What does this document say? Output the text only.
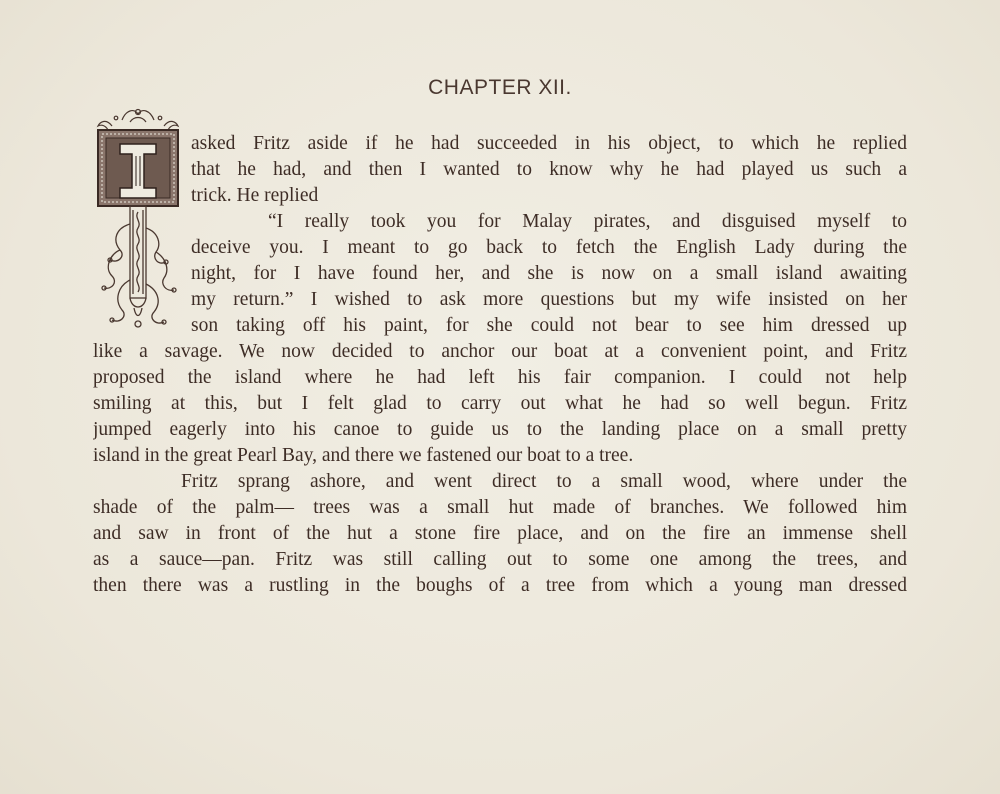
CHAPTER XII.
asked Fritz aside if he had succeeded in his object, to which he replied
that he had, and then I wanted to know why he had played us such a
trick. He replied
“I really took you for Malay pirates, and disguised myself to
deceive you. I meant to go back to fetch the English Lady during the
night, for I have found her, and she is now on a small island awaiting
my return.” I wished to ask more questions but my wife insisted on her
son taking off his paint, for she could not bear to see him dressed up
like a savage. We now decided to anchor our boat at a convenient point, and Fritz
proposed the island where he had left his fair companion. I could not help
smiling at this, but I felt glad to carry out what he had so well begun. Fritz
jumped eagerly into his canoe to guide us to the landing place on a small pretty
island in the great Pearl Bay, and there we fastened our boat to a tree.
Fritz sprang ashore, and went direct to a small wood, where under the
shade of the palm— trees was a small hut made of branches. We followed him
and saw in front of the hut a stone fire place, and on the fire an immense shell
as a sauce—pan. Fritz was still calling out to some one among the trees, and
then there was a rustling in the boughs of a tree from which a young man dressed
